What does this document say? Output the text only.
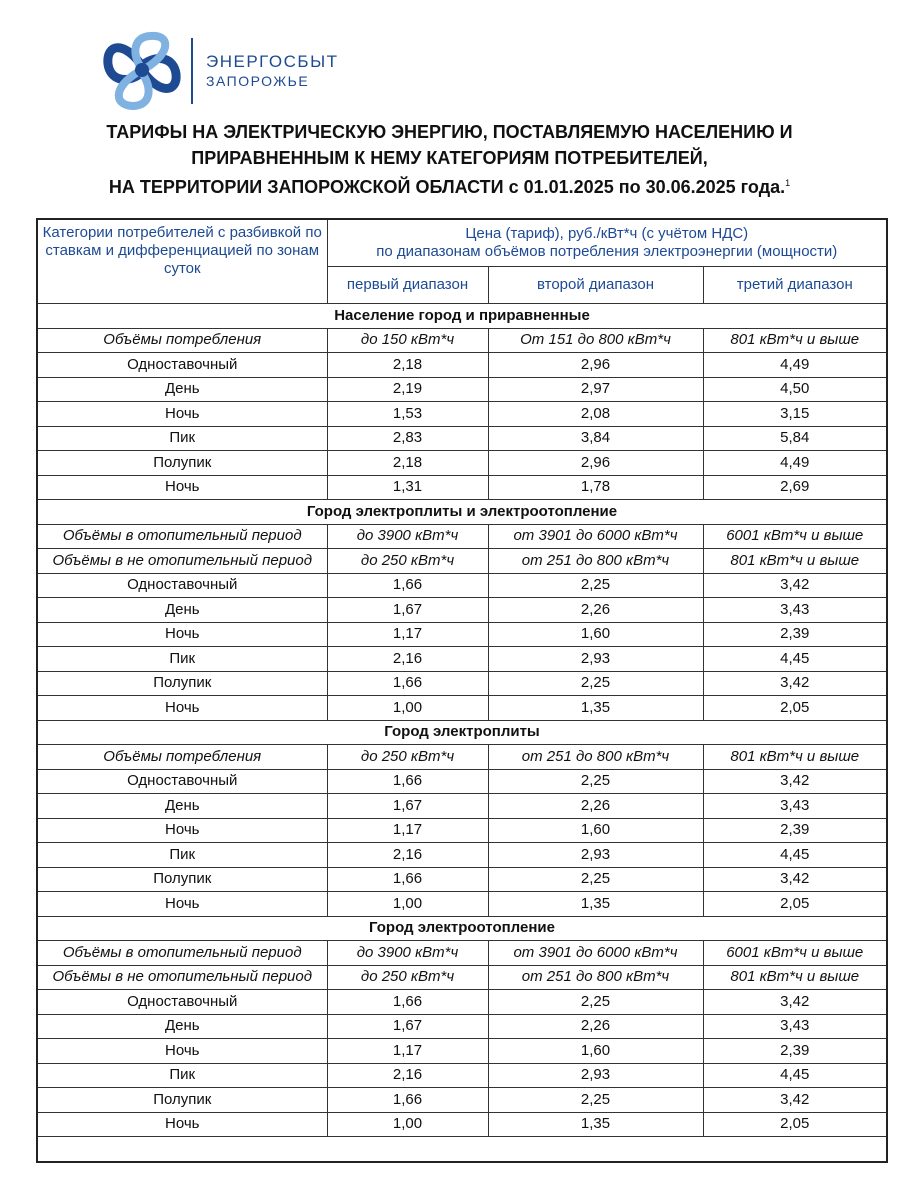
ЭНЕРГОСБЫТ
ЗАПОРОЖЬЕ
ТАРИФЫ НА ЭЛЕКТРИЧЕСКУЮ ЭНЕРГИЮ, ПОСТАВЛЯЕМУЮ НАСЕЛЕНИЮ И
ПРИРАВНЕННЫМ К НЕМУ КАТЕГОРИЯМ ПОТРЕБИТЕЛЕЙ,
НА ТЕРРИТОРИИ ЗАПОРОЖСКОЙ ОБЛАСТИ с 01.01.2025 по 30.06.2025 года.$^1$
Категории потребителей с разбивкой по ставкам и дифференциацией по зонам суток	Цена (тариф), руб./кВт*ч (с учётом НДС)
по диапазонам объёмов потребления электроэнергии (мощности)		

	первый диапазон	второй диапазон	третий диапазон
Население город и приравненные			
Объёмы потребления	до 150 кВт*ч	От 151 до 800 кВт*ч	801 кВт*ч и выше
Одноставочный	2,18	2,96	4,49
День	2,19	2,97	4,50
Ночь	1,53	2,08	3,15
Пик	2,83	3,84	5,84
Полупик	2,18	2,96	4,49
Ночь	1,31	1,78	2,69
Город электроплиты и электроотопление			
Объёмы в отопительный период	до 3900 кВт*ч	от 3901 до 6000 кВт*ч	6001 кВт*ч и выше
Объёмы в не отопительный период	до 250 кВт*ч	от 251 до 800 кВт*ч	801 кВт*ч и выше
Одноставочный	1,66	2,25	3,42
День	1,67	2,26	3,43
Ночь	1,17	1,60	2,39
Пик	2,16	2,93	4,45
Полупик	1,66	2,25	3,42
Ночь	1,00	1,35	2,05
Город электроплиты			
Объёмы потребления	до 250 кВт*ч	от 251 до 800 кВт*ч	801 кВт*ч и выше
Одноставочный	1,66	2,25	3,42
День	1,67	2,26	3,43
Ночь	1,17	1,60	2,39
Пик	2,16	2,93	4,45
Полупик	1,66	2,25	3,42
Ночь	1,00	1,35	2,05
Город электроотопление			
Объёмы в отопительный период	до 3900 кВт*ч	от 3901 до 6000 кВт*ч	6001 кВт*ч и выше
Объёмы в не отопительный период	до 250 кВт*ч	от 251 до 800 кВт*ч	801 кВт*ч и выше
Одноставочный	1,66	2,25	3,42
День	1,67	2,26	3,43
Ночь	1,17	1,60	2,39
Пик	2,16	2,93	4,45
Полупик	1,66	2,25	3,42
Ночь	1,00	1,35	2,05
